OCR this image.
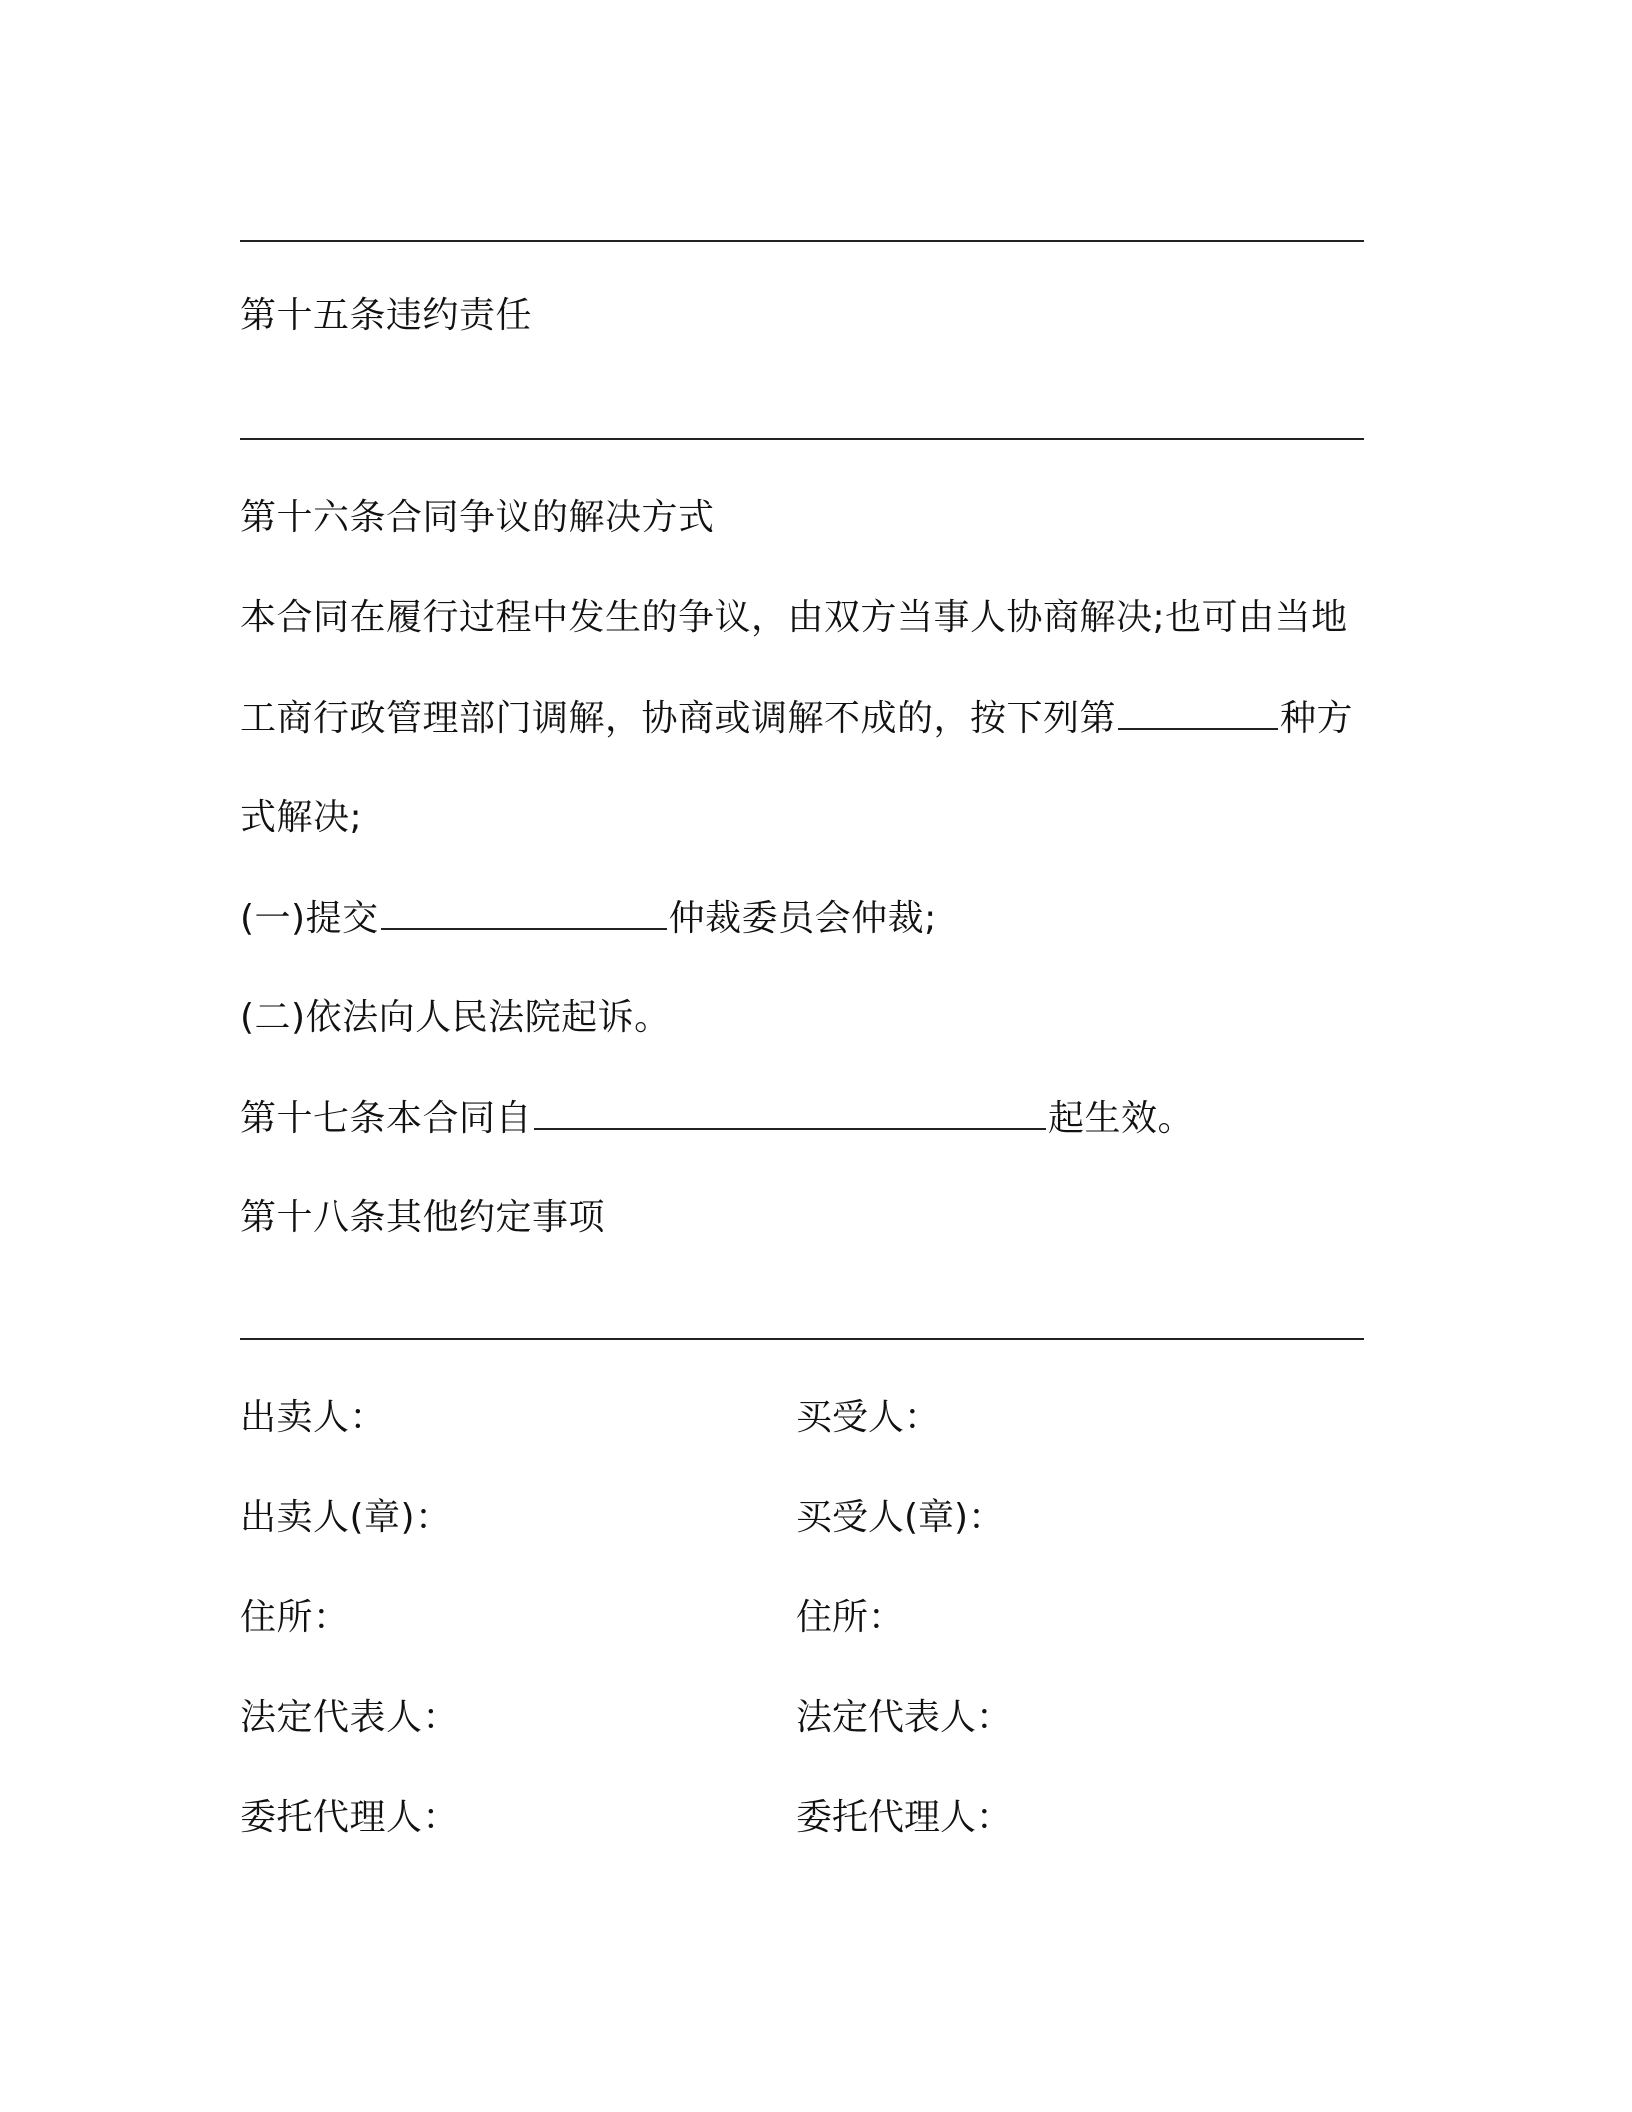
第十五条违约责任
第十六条合同争议的解决方式
本合同在履行过程中发生的争议，由双方当事人协商解决;也可由当地
工商行政管理部门调解，协商或调解不成的，按下列第	种方
式解决;
(一)提交	仲裁委员会仲裁;
(二)依法向人民法院起诉。
第十七条本合同自	起生效。
第十八条其他约定事项
出卖人：	买受人：
出卖人(章)：	买受人(章)：
住所：	住所：
法定代表人：	法定代表人：
委托代理人：	委托代理人：
